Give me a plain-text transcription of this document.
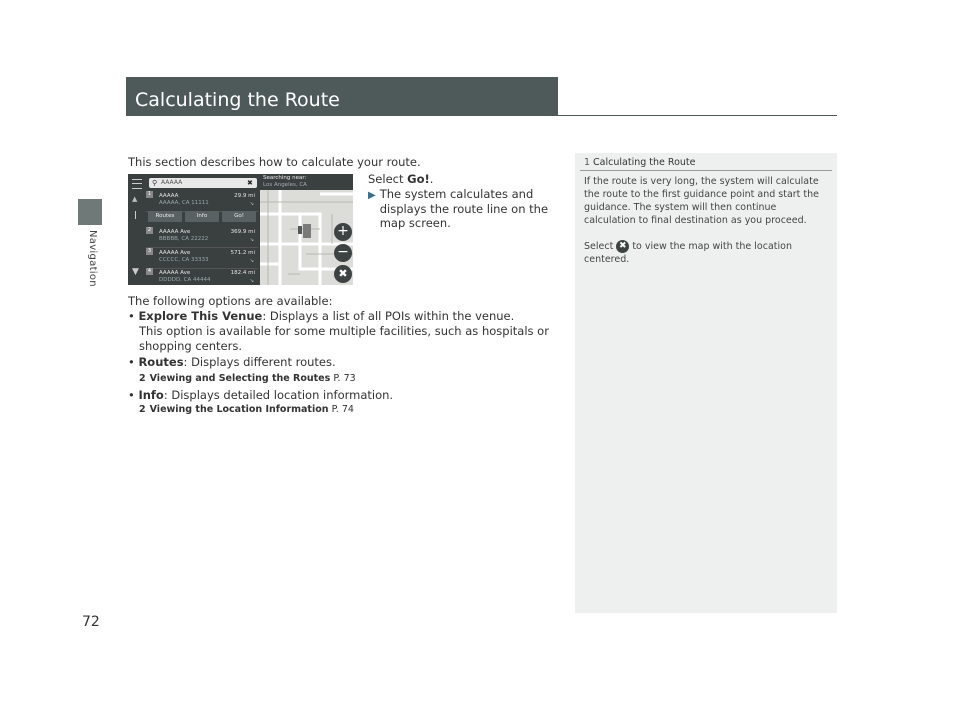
Navigation
72
Calculating the Route
This section describes how to calculate your route.
Select Go!.
▶ The system calculates and displays the route line on the map screen.
▲
▼
⚲ AAAAA	✖
1	AAAAA
AAAAA, CA 11111
29.9 mi
↘
Routes	Info	Go!
2	AAAAA Ave
BBBBB, CA 22222
369.9 mi
↘
3	AAAAA Ave
CCCCC, CA 33333
571.2 mi
↘
4	AAAAA Ave
DDDDD, CA 44444
182.4 mi
↘
Searching near:
Los Angeles, CA
+
−
✖
The following options are available:
• Explore This Venue: Displays a list of all POIs within the venue.
This option is available for some multiple facilities, such as hospitals or shopping centers.
• Routes: Displays different routes.
2 Viewing and Selecting the Routes P. 73
• Info: Displays detailed location information.
2 Viewing the Location Information P. 74
1 Calculating the Route
If the route is very long, the system will calculate the route to the first guidance point and start the guidance. The system will then continue calculation to final destination as you proceed.
Select ✖ to view the map with the location centered.
